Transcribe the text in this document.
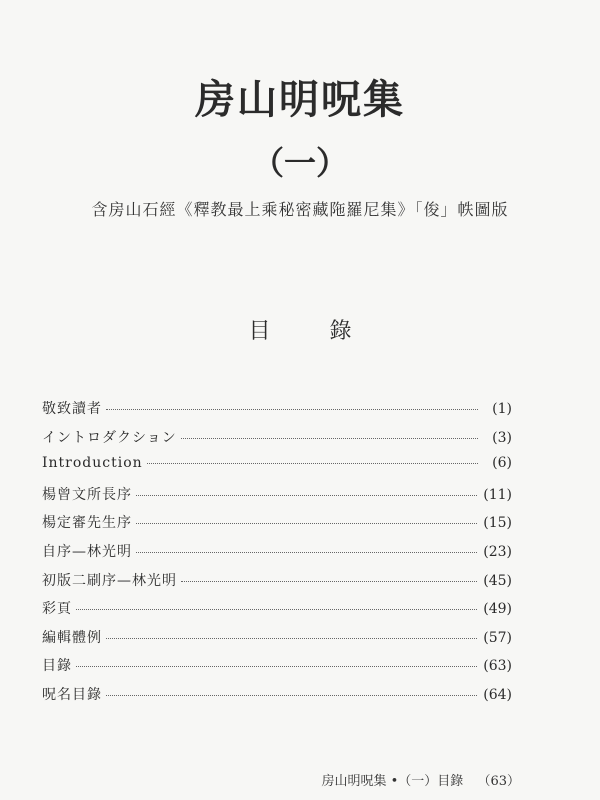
房山明呪集
（一）
含房山石經《釋教最上乘秘密藏陁羅尼集》「俊」帙圖版
目 錄
敬致讀者	(1)
イントロダクション	(3)
Introduction	(6)
楊曾文所長序	(11)
楊定審先生序	(15)
自序—林光明	(23)
初版二刷序—林光明	(45)
彩頁	(49)
編輯體例	(57)
目錄	(63)
呪名目錄	(64)
房山明呪集 •（一）目錄 （63）
